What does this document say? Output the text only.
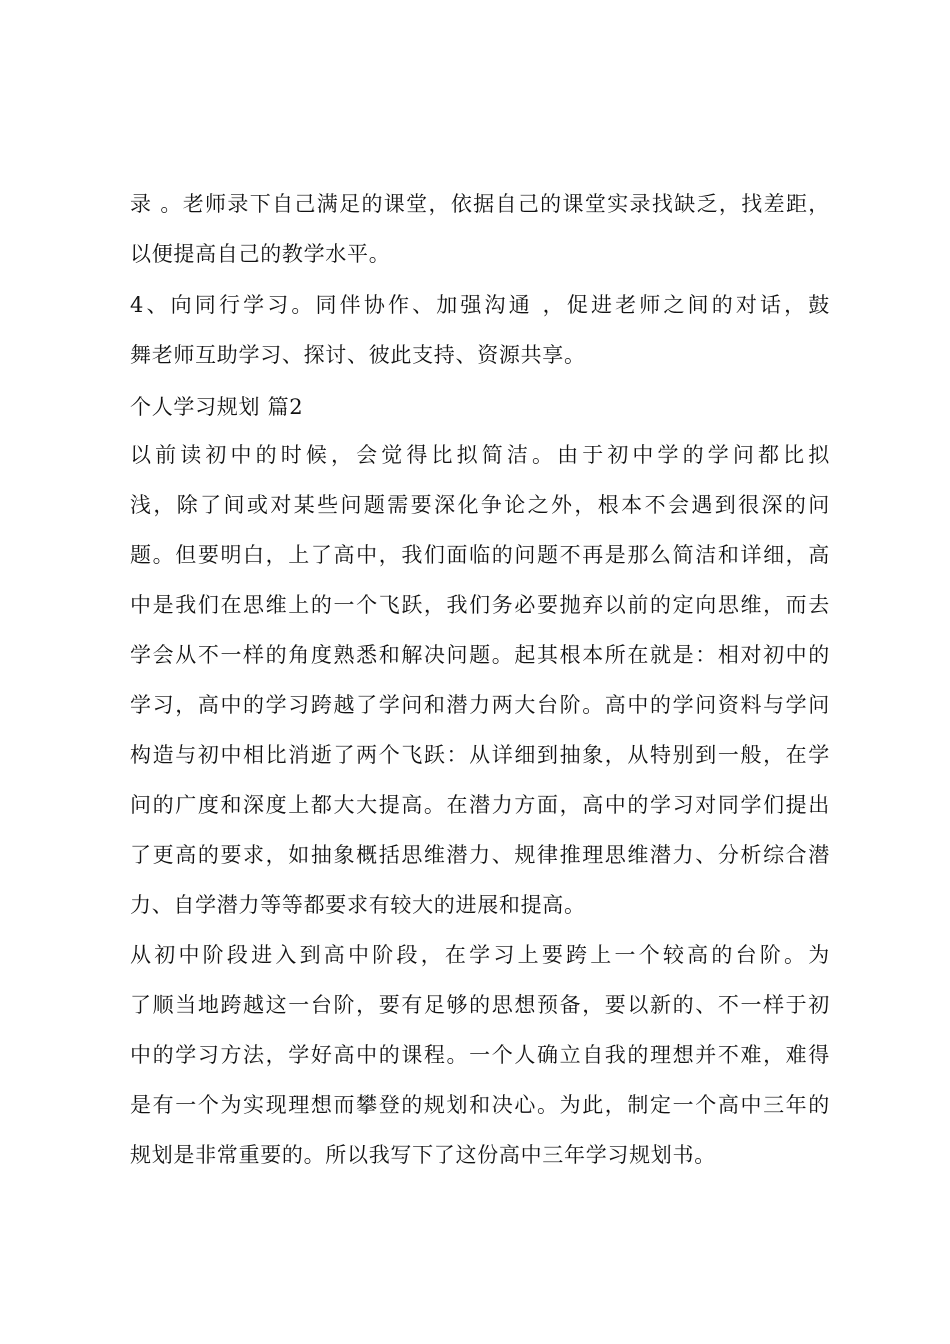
录 。老师录下自己满足的课堂，依据自己的课堂实录找缺乏，找差距，
以便提高自己的教学水平。
4、向同行学习。同伴协作、加强沟通 ，促进老师之间的对话，鼓
舞老师互助学习、探讨、彼此支持、资源共享。
个人学习规划 篇2
以前读初中的时候，会觉得比拟简洁。由于初中学的学问都比拟
浅，除了间或对某些问题需要深化争论之外，根本不会遇到很深的问
题。但要明白，上了高中，我们面临的问题不再是那么简洁和详细，高
中是我们在思维上的一个飞跃，我们务必要抛弃以前的定向思维，而去
学会从不一样的角度熟悉和解决问题。起其根本所在就是：相对初中的
学习，高中的学习跨越了学问和潜力两大台阶。高中的学问资料与学问
构造与初中相比消逝了两个飞跃：从详细到抽象，从特别到一般，在学
问的广度和深度上都大大提高。在潜力方面，高中的学习对同学们提出
了更高的要求，如抽象概括思维潜力、规律推理思维潜力、分析综合潜
力、自学潜力等等都要求有较大的进展和提高。
从初中阶段进入到高中阶段，在学习上要跨上一个较高的台阶。为
了顺当地跨越这一台阶，要有足够的思想预备，要以新的、不一样于初
中的学习方法，学好高中的课程。一个人确立自我的理想并不难，难得
是有一个为实现理想而攀登的规划和决心。为此，制定一个高中三年的
规划是非常重要的。所以我写下了这份高中三年学习规划书。
